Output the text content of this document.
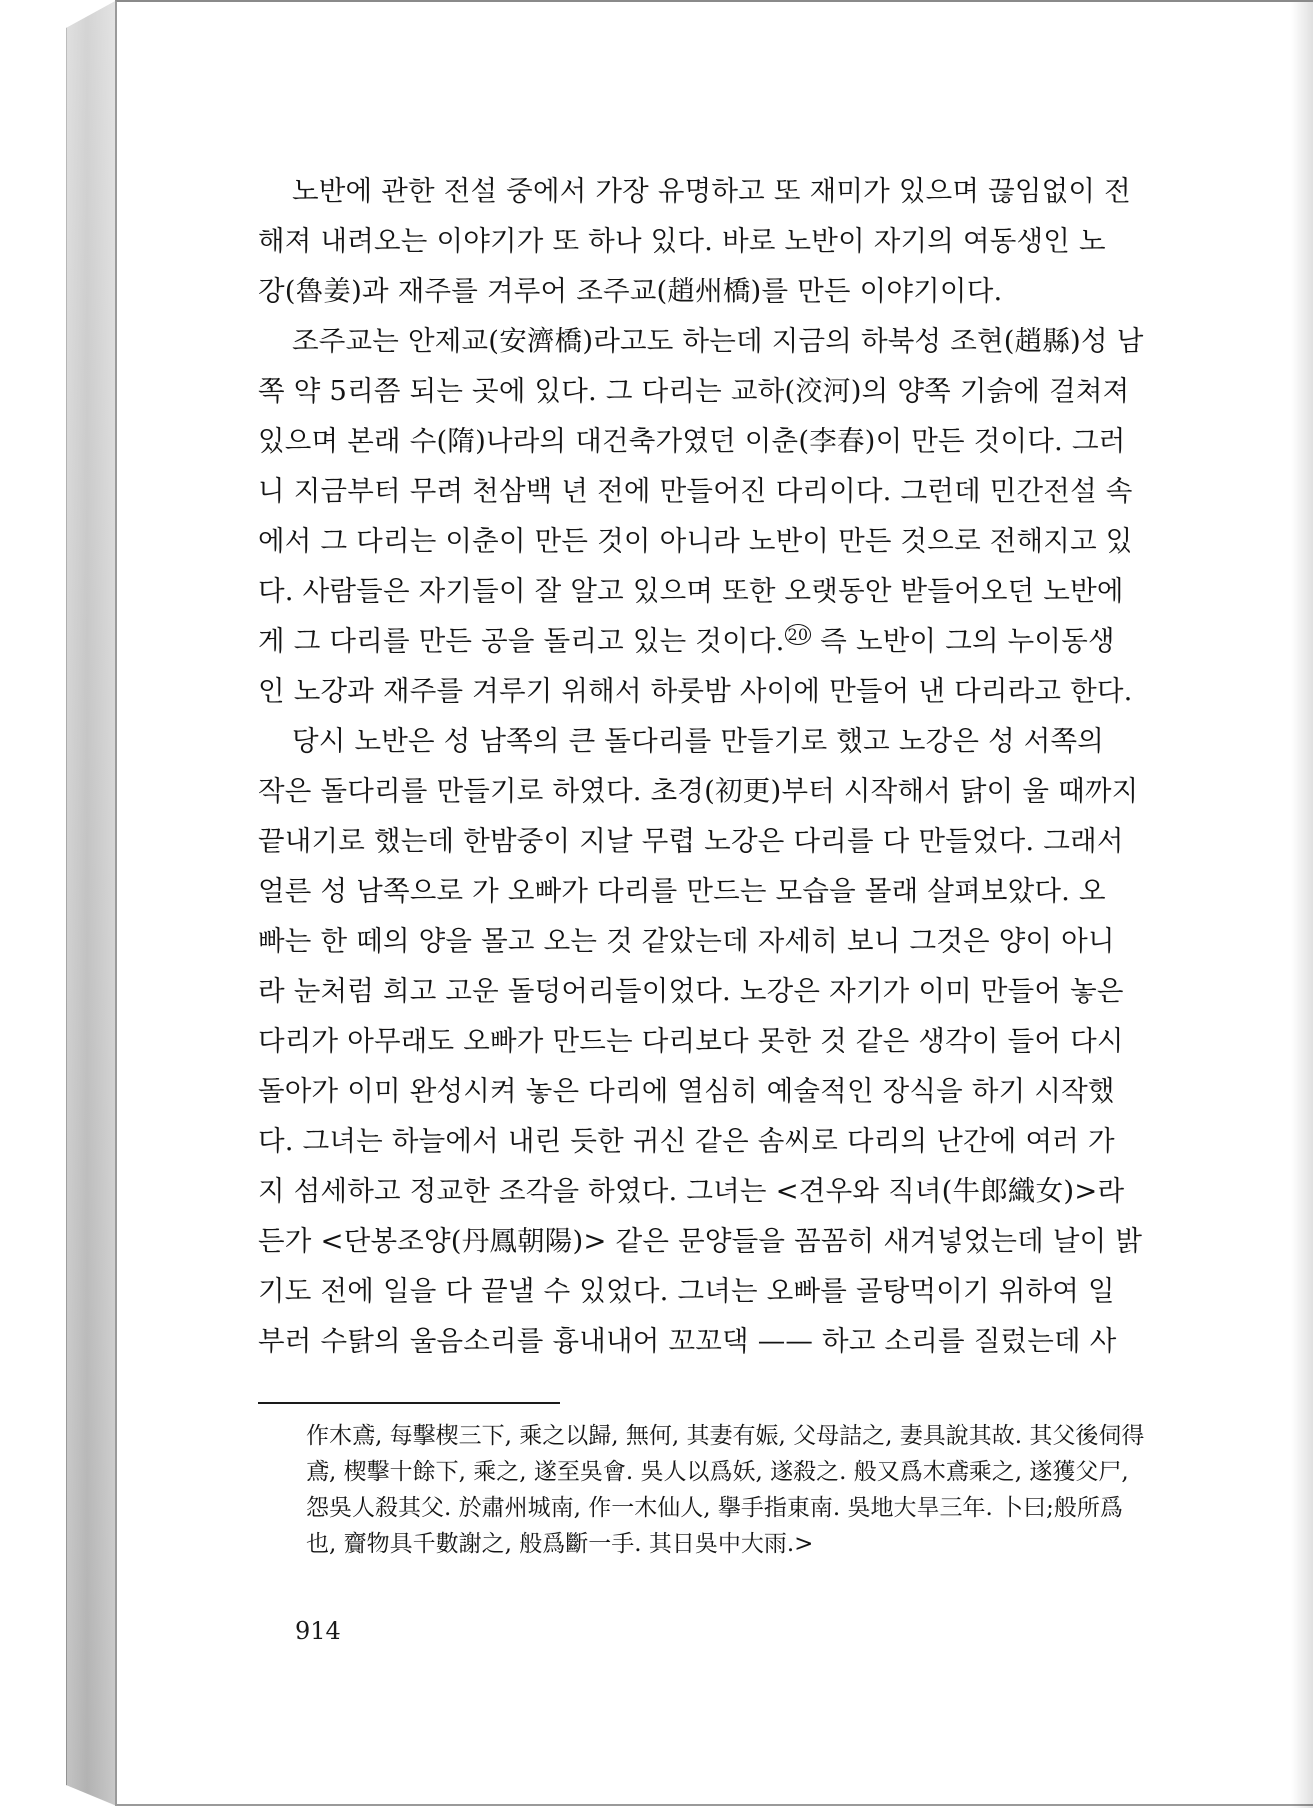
노반에 관한 전설 중에서 가장 유명하고 또 재미가 있으며 끊임없이 전
해져 내려오는 이야기가 또 하나 있다. 바로 노반이 자기의 여동생인 노
강(魯姜)과 재주를 겨루어 조주교(趙州橋)를 만든 이야기이다.
조주교는 안제교(安濟橋)라고도 하는데 지금의 하북성 조현(趙縣)성 남
쪽 약 5리쯤 되는 곳에 있다. 그 다리는 교하(洨河)의 양쪽 기슭에 걸쳐져
있으며 본래 수(隋)나라의 대건축가였던 이춘(李春)이 만든 것이다. 그러
니 지금부터 무려 천삼백 년 전에 만들어진 다리이다. 그런데 민간전설 속
에서 그 다리는 이춘이 만든 것이 아니라 노반이 만든 것으로 전해지고 있
다. 사람들은 자기들이 잘 알고 있으며 또한 오랫동안 받들어오던 노반에
게 그 다리를 만든 공을 돌리고 있는 것이다. $^{20}$ 즉 노반이 그의 누이동생
인 노강과 재주를 겨루기 위해서 하룻밤 사이에 만들어 낸 다리라고 한다.
당시 노반은 성 남쪽의 큰 돌다리를 만들기로 했고 노강은 성 서쪽의
작은 돌다리를 만들기로 하였다. 초경(初更)부터 시작해서 닭이 울 때까지
끝내기로 했는데 한밤중이 지날 무렵 노강은 다리를 다 만들었다. 그래서
얼른 성 남쪽으로 가 오빠가 다리를 만드는 모습을 몰래 살펴보았다. 오
빠는 한 떼의 양을 몰고 오는 것 같았는데 자세히 보니 그것은 양이 아니
라 눈처럼 희고 고운 돌덩어리들이었다. 노강은 자기가 이미 만들어 놓은
다리가 아무래도 오빠가 만드는 다리보다 못한 것 같은 생각이 들어 다시
돌아가 이미 완성시켜 놓은 다리에 열심히 예술적인 장식을 하기 시작했
다. 그녀는 하늘에서 내린 듯한 귀신 같은 솜씨로 다리의 난간에 여러 가
지 섬세하고 정교한 조각을 하였다. 그녀는 <견우와 직녀(牛郎織女)>라
든가 <단봉조양(丹鳳朝陽)> 같은 문양들을 꼼꼼히 새겨넣었는데 날이 밝
기도 전에 일을 다 끝낼 수 있었다. 그녀는 오빠를 골탕먹이기 위하여 일
부러 수탉의 울음소리를 흉내내어 꼬꼬댁 —— 하고 소리를 질렀는데 사
作木鳶, 每擊楔三下, 乘之以歸, 無何, 其妻有娠, 父母詰之, 妻具說其故. 其父後伺得
鳶, 楔擊十餘下, 乘之, 遂至吳會. 吳人以爲妖, 遂殺之. 般又爲木鳶乘之, 遂獲父尸,
怨吳人殺其父. 於肅州城南, 作一木仙人, 擧手指東南. 吳地大旱三年. 卜曰;般所爲
也, 齎物具千數謝之, 般爲斷一手. 其日吳中大雨.>
914
